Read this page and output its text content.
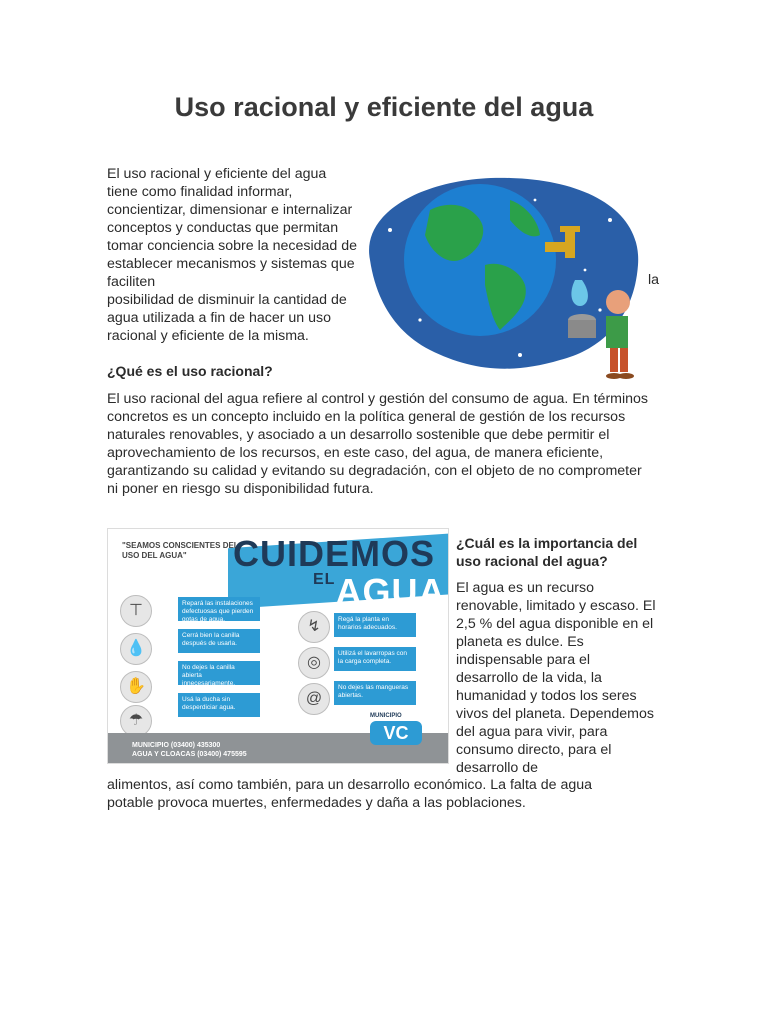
Uso racional y eficiente del agua
El uso racional y eficiente del agua tiene como finalidad informar, concientizar, dimensionar e internalizar conceptos y conductas que permitan tomar conciencia sobre la necesidad de establecer mecanismos y sistemas que faciliten
posibilidad de disminuir la cantidad de agua utilizada a fin de hacer un uso racional y eficiente de la misma.
la
¿Qué es el uso racional?
El uso racional del agua refiere al control y gestión del consumo de agua. En términos concretos es un concepto incluido en la política general de gestión de los recursos naturales renovables, y asociado a un desarrollo sostenible que debe permitir el aprovechamiento de los recursos, en este caso, del agua, de manera eficiente, garantizando su calidad y evitando su degradación, con el objeto de no comprometer ni poner en riesgo su disponibilidad futura.
"SEAMOS CONSCIENTES DEL USO DEL AGUA"	CUIDEMOS
$^{EL}$AGUA
⊤
💧
✋
☂
Repará las instalaciones defectuosas que pierden gotas de agua.
Cerrá bien la canilla después de usarla.
No dejes la canilla abierta innecesariamente.
Usá la ducha sin desperdiciar agua.
↯
◎
@
Regá la planta en horarios adecuados.
Utilizá el lavarropas con la carga completa.
No dejes las mangueras abiertas.
MUNICIPIO (03400) 435300
AGUA Y CLOACAS (03400) 475595
MUNICIPIO
VC
¿Cuál es la importancia del uso racional del agua?
El agua es un recurso renovable, limitado y escaso. El 2,5 % del agua disponible en el planeta es dulce. Es indispensable para el desarrollo de la vida, la humanidad y todos los seres vivos del planeta. Dependemos del agua para vivir, para consumo directo, para el desarrollo de
alimentos, así como también, para un desarrollo económico. La falta de agua potable provoca muertes, enfermedades y daña a las poblaciones.
